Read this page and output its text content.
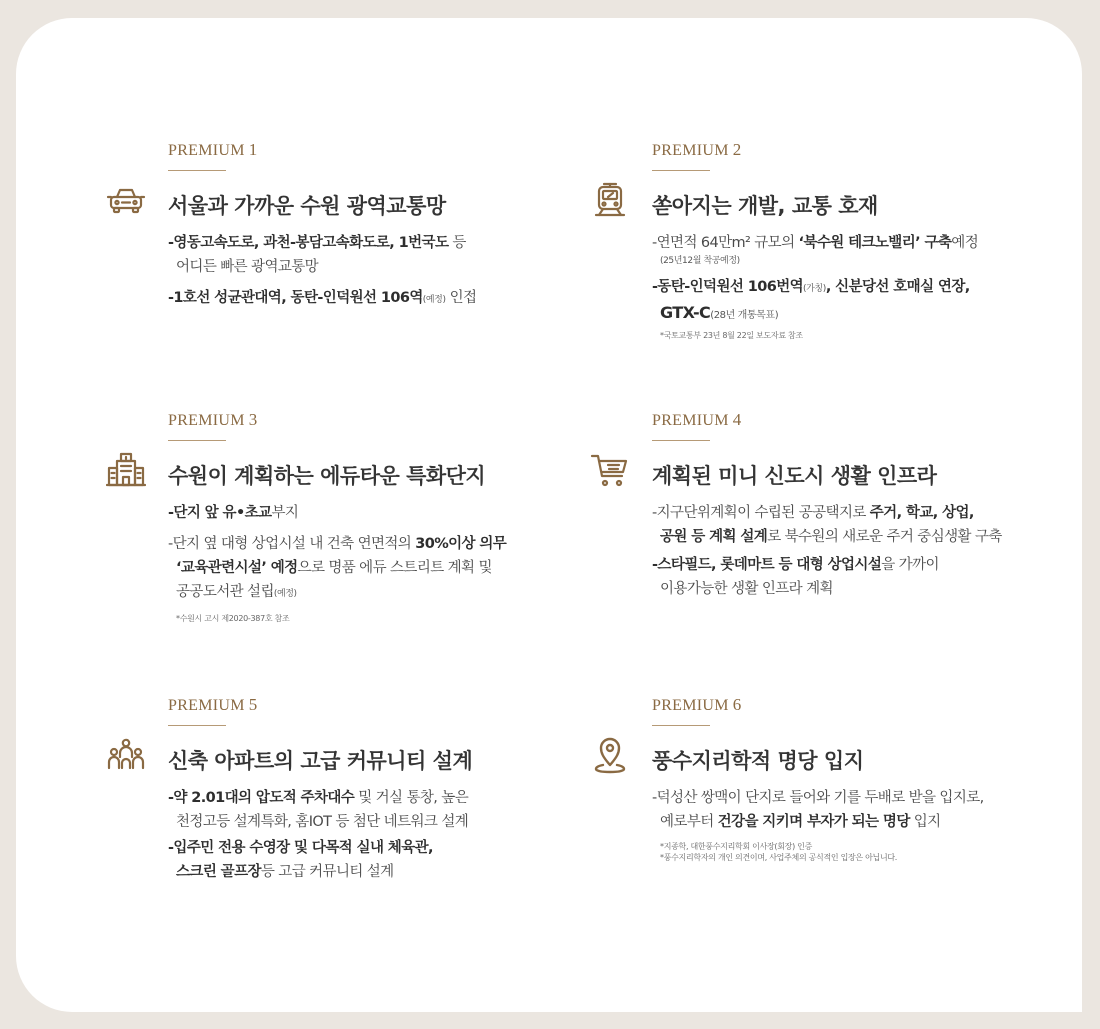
PREMIUM 1
서울과 가까운 수원 광역교통망
-영동고속도로, 과천-봉담고속화도로, 1번국도 등
어디든 빠른 광역교통망
-1호선 성균관대역, 동탄-인덕원선 106역(예정) 인접
PREMIUM 2
쏟아지는 개발, 교통 호재
-연면적 64만m² 규모의 ‘북수원 테크노밸리’ 구축예정
(25년12월 착공예정)
-동탄-인덕원선 106번역(가칭), 신분당선 호매실 연장,
GTX-C(28년 개통목표)
*국토교통부 23년 8월 22일 보도자료 참조
PREMIUM 3
수원이 계획하는 에듀타운 특화단지
-단지 앞 유•초교부지
-단지 옆 대형 상업시설 내 건축 연면적의 30%이상 의무
‘교육관련시설’ 예정으로 명품 에듀 스트리트 계획 및
공공도서관 설립(예정)
*수원시 고시 제2020-387호 참조
PREMIUM 4
계획된 미니 신도시 생활 인프라
-지구단위계획이 수립된 공공택지로 주거, 학교, 상업,
공원 등 계획 설계로 북수원의 새로운 주거 중심생활 구축
-스타필드, 롯데마트 등 대형 상업시설을 가까이
이용가능한 생활 인프라 계획
PREMIUM 5
신축 아파트의 고급 커뮤니티 설계
-약 2.01대의 압도적 주차대수 및 거실 통창, 높은
천정고등 설계특화, 홈IOT 등 첨단 네트워크 설계
-입주민 전용 수영장 및 다목적 실내 체육관,
스크린 골프장등 고급 커뮤니티 설계
PREMIUM 6
풍수지리학적 명당 입지
-덕성산 쌍맥이 단지로 들어와 기를 두배로 받을 입지로,
예로부터 건강을 지키며 부자가 되는 명당 입지
*지종학, 대한풍수지리학회 이사장(회장) 인증
*풍수지리학자의 개인 의견이며, 사업주체의 공식적인 입장은 아닙니다.
